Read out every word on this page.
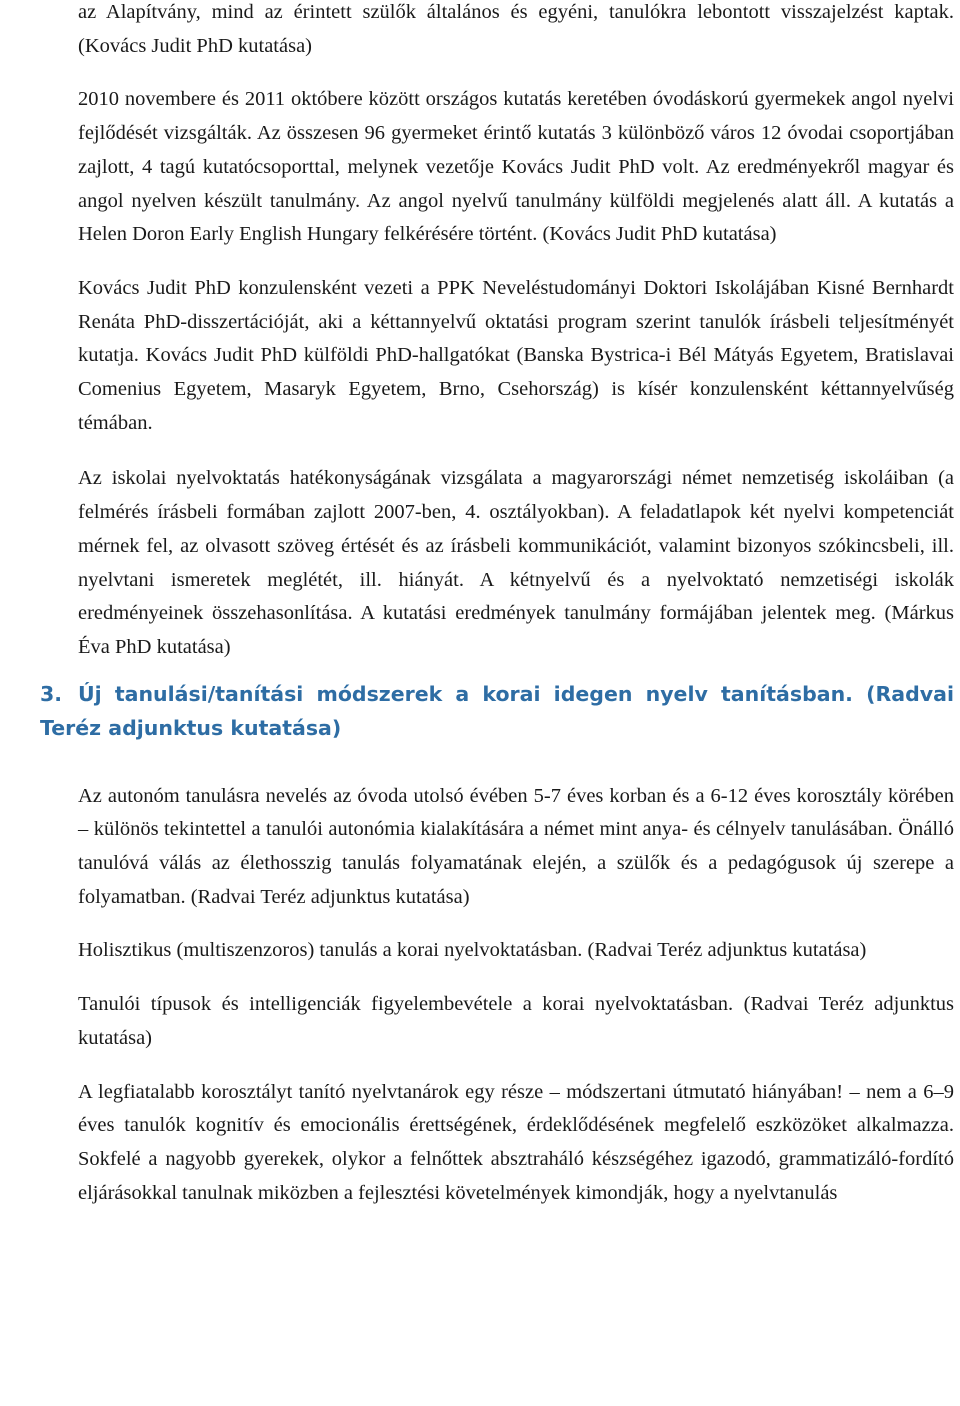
az Alapítvány, mind az érintett szülők általános és egyéni, tanulókra lebontott visszajelzést kaptak. (Kovács Judit PhD kutatása)

2010 novembere és 2011 októbere között országos kutatás keretében óvodáskorú gyermekek angol nyelvi fejlődését vizsgálták. Az összesen 96 gyermeket érintő kutatás 3 különböző város 12 óvodai csoportjában zajlott, 4 tagú kutatócsoporttal, melynek vezetője Kovács Judit PhD volt. Az eredményekről magyar és angol nyelven készült tanulmány. Az angol nyelvű tanulmány külföldi megjelenés alatt áll. A kutatás a Helen Doron Early English Hungary felkérésére történt. (Kovács Judit PhD kutatása)

Kovács Judit PhD konzulensként vezeti a PPK Neveléstudományi Doktori Iskolájában Kisné Bernhardt Renáta PhD-disszertációját, aki a kéttannyelvű oktatási program szerint tanulók írásbeli teljesítményét kutatja. Kovács Judit PhD külföldi PhD-hallgatókat (Banska Bystrica-i Bél Mátyás Egyetem, Bratislavai Comenius Egyetem, Masaryk Egyetem, Brno, Csehország) is kísér konzulensként kéttannyelvűség témában.

Az iskolai nyelvoktatás hatékonyságának vizsgálata a magyarországi német nemzetiség iskoláiban (a felmérés írásbeli formában zajlott 2007-ben, 4. osztályokban). A feladatlapok két nyelvi kompetenciát mérnek fel, az olvasott szöveg értését és az írásbeli kommunikációt, valamint bizonyos szókincsbeli, ill. nyelvtani ismeretek meglétét, ill. hiányát. A kétnyelvű és a nyelvoktató nemzetiségi iskolák eredményeinek összehasonlítása. A kutatási eredmények tanulmány formájában jelentek meg. (Márkus Éva PhD kutatása)

3. Új tanulási/tanítási módszerek a korai idegen nyelv tanításban. (Radvai Teréz adjunktus kutatása)

Az autonóm tanulásra nevelés az óvoda utolsó évében 5-7 éves korban és a 6-12 éves korosztály körében – különös tekintettel a tanulói autonómia kialakítására a német mint anya- és célnyelv tanulásában. Önálló tanulóvá válás az élethosszig tanulás folyamatának elején, a szülők és a pedagógusok új szerepe a folyamatban. (Radvai Teréz adjunktus kutatása)

Holisztikus (multiszenzoros) tanulás a korai nyelvoktatásban. (Radvai Teréz adjunktus kutatása)

Tanulói típusok és intelligenciák figyelembevétele a korai nyelvoktatásban. (Radvai Teréz adjunktus kutatása)

A legfiatalabb korosztályt tanító nyelvtanárok egy része – módszertani útmutató hiányában! – nem a 6–9 éves tanulók kognitív és emocionális érettségének, érdeklődésének megfelelő eszközöket alkalmazza. Sokfelé a nagyobb gyerekek, olykor a felnőttek absztraháló készségéhez igazodó, grammatizáló-fordító eljárásokkal tanulnak miközben a fejlesztési követelmények kimondják, hogy a nyelvtanulás
